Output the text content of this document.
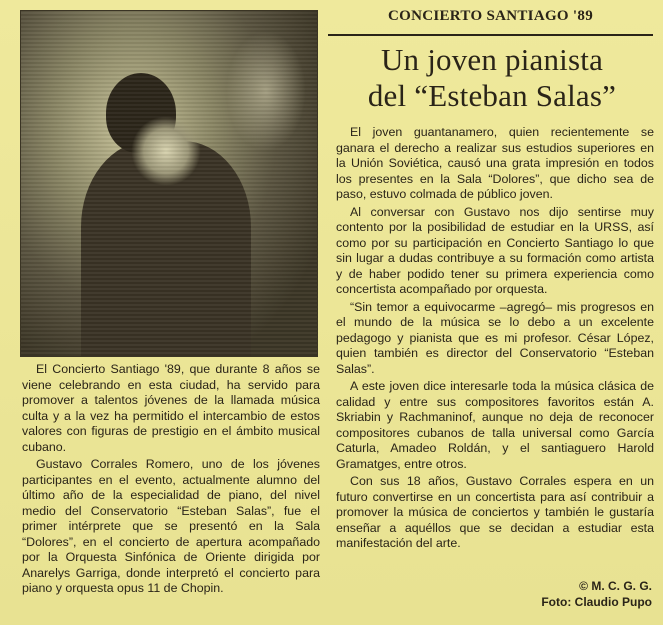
CONCIERTO SANTIAGO '89
Un joven pianista
del “Esteban Salas”

El Concierto Santiago '89, que durante 8 años se viene celebrando en esta ciudad, ha servido para promover a talentos jóvenes de la llamada música culta y a la vez ha permitido el intercambio de estos valores con figuras de prestigio en el ámbito musical cubano.

Gustavo Corrales Romero, uno de los jóvenes participantes en el evento, actualmente alumno del último año de la especialidad de piano, del nivel medio del Conservatorio “Esteban Salas”, fue el primer intérprete que se presentó en la Sala “Dolores”, en el concierto de apertura acompañado por la Orquesta Sinfónica de Oriente dirigida por Anarelys Garriga, donde interpretó el concierto para piano y orquesta opus 11 de Chopin.

El joven guantanamero, quien recientemente se ganara el derecho a realizar sus estudios superiores en la Unión Soviética, causó una grata impresión en todos los presentes en la Sala “Dolores”, que dicho sea de paso, estuvo colmada de público joven.

Al conversar con Gustavo nos dijo sentirse muy contento por la posibilidad de estudiar en la URSS, así como por su participación en Concierto Santiago lo que sin lugar a dudas contribuye a su formación como artista y de haber podido tener su primera experiencia como concertista acompañado por orquesta.

“Sin temor a equivocarme –agregó– mis progresos en el mundo de la música se lo debo a un excelente pedagogo y pianista que es mi profesor. César López, quien también es director del Conservatorio “Esteban Salas”.

A este joven dice interesarle toda la música clásica de calidad y entre sus compositores favoritos están A. Skriabin y Rachmaninof, aunque no deja de reconocer compositores cubanos de talla universal como García Caturla, Amadeo Roldán, y el santiaguero Harold Gramatges, entre otros.

Con sus 18 años, Gustavo Corrales espera en un futuro convertirse en un concertista para así contribuir a promover la música de conciertos y también le gustaría enseñar a aquéllos que se decidan a estudiar esta manifestación del arte.

© M. C. G. G.
Foto: Claudio Pupo
